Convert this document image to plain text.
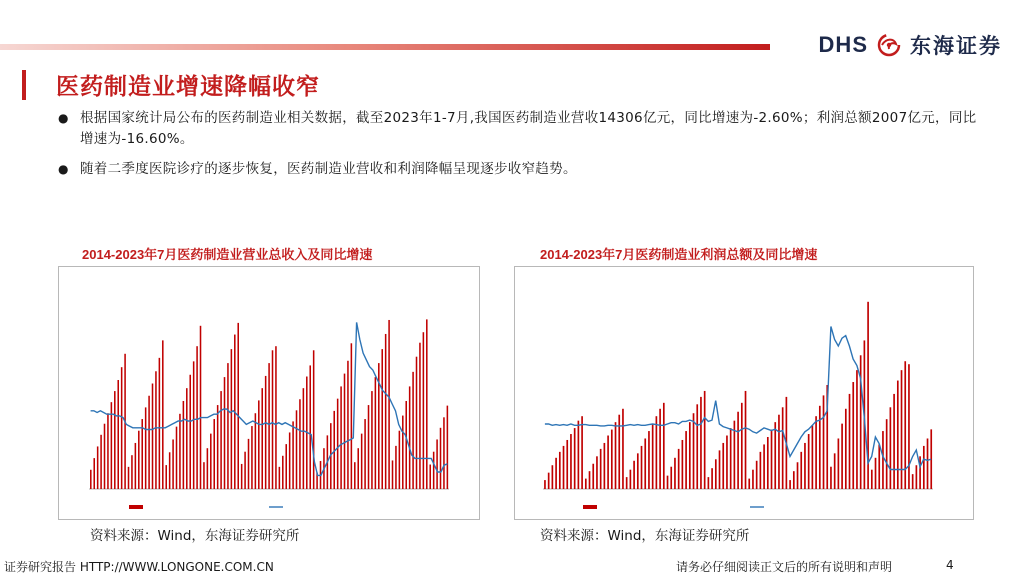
DHS 东海证券
医药制造业增速降幅收窄
● 根据国家统计局公布的医药制造业相关数据，截至2023年1-7月,我国医药制造业营收14306亿元，同比增速为-2.60%；利润总额2007亿元，同比增速为-16.60%。
● 随着二季度医院诊疗的逐步恢复，医药制造业营收和利润降幅呈现逐步收窄趋势。
2014-2023年7月医药制造业营业总收入及同比增速	2014-2023年7月医药制造业利润总额及同比增速
资料来源：Wind，东海证券研究所	资料来源：Wind，东海证券研究所
证券研究报告 HTTP://WWW.LONGONE.COM.CN	请务必仔细阅读正文后的所有说明和声明	4
